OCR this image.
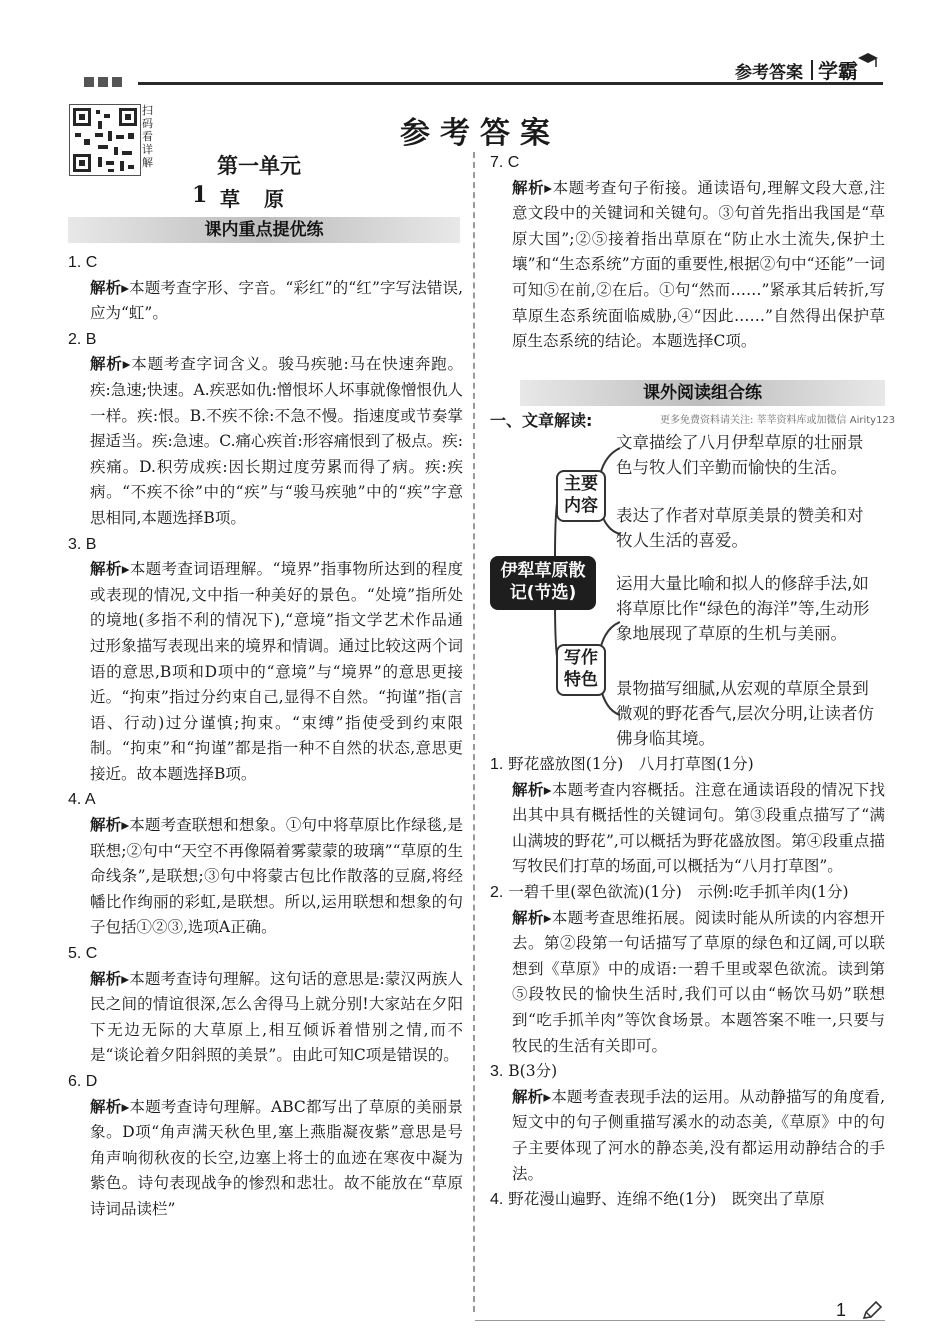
参考答案 学霸
扫码看详解
参考答案
第一单元
1 草　原
课内重点提优练

1. C

解析▸本题考查字形、字音。“彩红”的“红”字写法错误,应为“虹”。

2. B

解析▸本题考查字词含义。骏马疾驰:马在快速奔跑。疾:急速;快速。A.疾恶如仇:憎恨坏人坏事就像憎恨仇人一样。疾:恨。B.不疾不徐:不急不慢。指速度或节奏掌握适当。疾:急速。C.痛心疾首:形容痛恨到了极点。疾:疾痛。D.积劳成疾:因长期过度劳累而得了病。疾:疾病。“不疾不徐”中的“疾”与“骏马疾驰”中的“疾”字意思相同,本题选择B项。

3. B

解析▸本题考查词语理解。“境界”指事物所达到的程度或表现的情况,文中指一种美好的景色。“处境”指所处的境地(多指不利的情况下),“意境”指文学艺术作品通过形象描写表现出来的境界和情调。通过比较这两个词语的意思,B项和D项中的“意境”与“境界”的意思更接近。“拘束”指过分约束自己,显得不自然。“拘谨”指(言语、行动)过分谨慎;拘束。“束缚”指使受到约束限制。“拘束”和“拘谨”都是指一种不自然的状态,意思更接近。故本题选择B项。

4. A

解析▸本题考查联想和想象。①句中将草原比作绿毯,是联想;②句中“天空不再像隔着雾蒙蒙的玻璃”“草原的生命线条”,是联想;③句中将蒙古包比作散落的豆腐,将经幡比作绚丽的彩虹,是联想。所以,运用联想和想象的句子包括①②③,选项A正确。

5. C

解析▸本题考查诗句理解。这句话的意思是:蒙汉两族人民之间的情谊很深,怎么舍得马上就分别!大家站在夕阳下无边无际的大草原上,相互倾诉着惜别之情,而不是“谈论着夕阳斜照的美景”。由此可知C项是错误的。

6. D

解析▸本题考查诗句理解。ABC都写出了草原的美丽景象。D项“角声满天秋色里,塞上燕脂凝夜紫”意思是号角声响彻秋夜的长空,边塞上将士的血迹在寒夜中凝为紫色。诗句表现战争的惨烈和悲壮。故不能放在“草原诗词品读栏”

7. C

解析▸本题考查句子衔接。通读语句,理解文段大意,注意文段中的关键词和关键句。③句首先指出我国是“草原大国”;②⑤接着指出草原在“防止水土流失,保护土壤”和“生态系统”方面的重要性,根据②句中“还能”一词可知⑤在前,②在后。①句“然而……”紧承其后转折,写草原生态系统面临威胁,④“因此……”自然得出保护草原生态系统的结论。本题选择C项。

课外阅读组合练
一、文章解读:	更多免费资料请关注: 莘莘资料库或加微信 Airity123
伊犁草原散记(节选)
主要内容
写作特色
文章描绘了八月伊犁草原的壮丽景色与牧人们辛勤而愉快的生活。
表达了作者对草原美景的赞美和对牧人生活的喜爱。
运用大量比喻和拟人的修辞手法,如将草原比作“绿色的海洋”等,生动形象地展现了草原的生机与美丽。
景物描写细腻,从宏观的草原全景到微观的野花香气,层次分明,让读者仿佛身临其境。

1. 野花盛放图(1分)　八月打草图(1分)

解析▸本题考查内容概括。注意在通读语段的情况下找出其中具有概括性的关键词句。第③段重点描写了“满山满坡的野花”,可以概括为野花盛放图。第④段重点描写牧民们打草的场面,可以概括为“八月打草图”。

2. 一碧千里(翠色欲流)(1分)　示例:吃手抓羊肉(1分)

解析▸本题考查思维拓展。阅读时能从所读的内容想开去。第②段第一句话描写了草原的绿色和辽阔,可以联想到《草原》中的成语:一碧千里或翠色欲流。读到第⑤段牧民的愉快生活时,我们可以由“畅饮马奶”联想到“吃手抓羊肉”等饮食场景。本题答案不唯一,只要与牧民的生活有关即可。

3. B(3分)

解析▸本题考查表现手法的运用。从动静描写的角度看,短文中的句子侧重描写溪水的动态美,《草原》中的句子主要体现了河水的静态美,没有都运用动静结合的手法。

4. 野花漫山遍野、连绵不绝(1分)　既突出了草原

1
